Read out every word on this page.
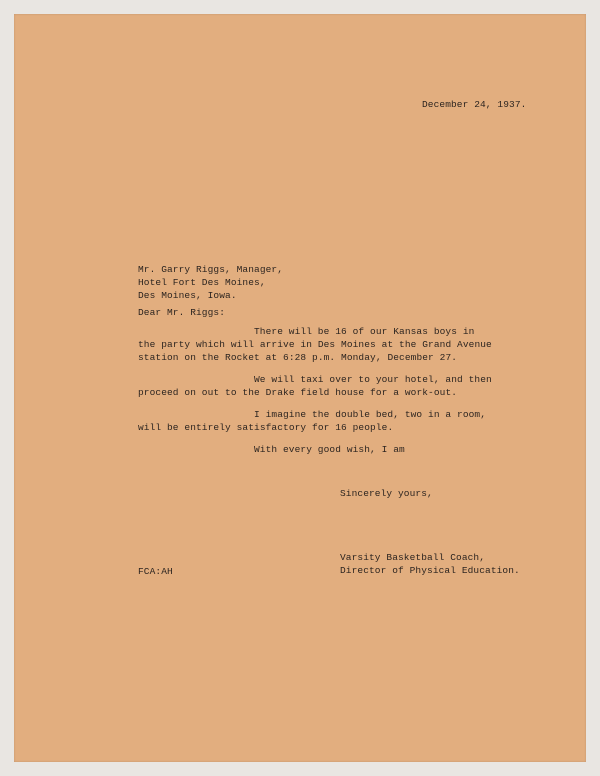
December 24, 1937.
Mr. Garry Riggs, Manager,
Hotel Fort Des Moines,
Des Moines, Iowa.
Dear Mr. Riggs:
There will be 16 of our Kansas boys in
the party which will arrive in Des Moines at the Grand Avenue
station on the Rocket at 6:28 p.m. Monday, December 27.
We will taxi over to your hotel, and then
proceed on out to the Drake field house for a work-out.
I imagine the double bed, two in a room,
will be entirely satisfactory for 16 people.
With every good wish, I am
Sincerely yours,
Varsity Basketball Coach,
Director of Physical Education.
FCA:AH
